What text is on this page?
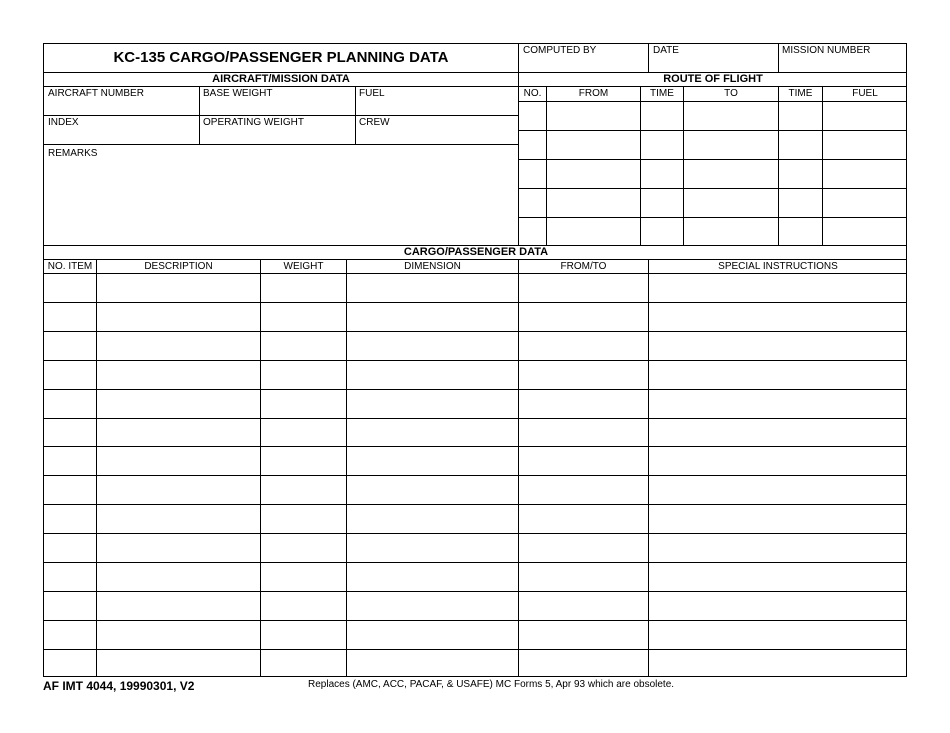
KC-135 CARGO/PASSENGER PLANNING DATA	COMPUTED BY	DATE	MISSION NUMBER
AIRCRAFT/MISSION DATA	ROUTE OF FLIGHT
AIRCRAFT NUMBER	BASE WEIGHT	FUEL
INDEX	OPERATING WEIGHT	CREW
REMARKS
NO.	FROM	TIME	TO	TIME	FUEL
CARGO/PASSENGER DATA
NO. ITEM	DESCRIPTION	WEIGHT	DIMENSION	FROM/TO	SPECIAL INSTRUCTIONS
AF IMT 4044, 19990301, V2	Replaces (AMC, ACC, PACAF, & USAFE) MC Forms 5, Apr 93 which are obsolete.
